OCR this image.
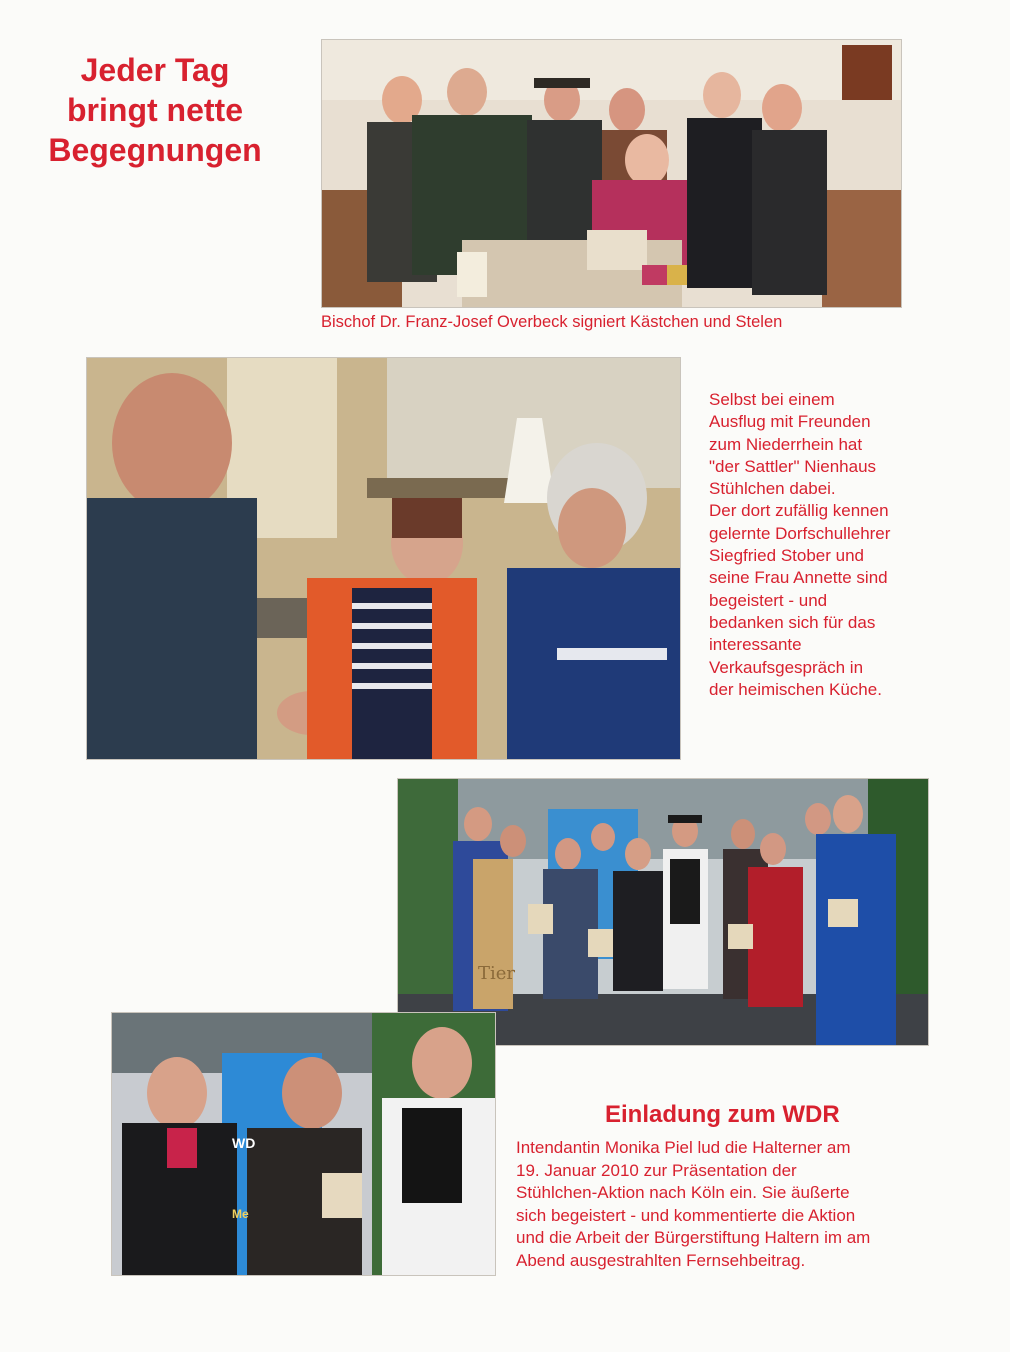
Jeder Tag
bringt nette
Begegnungen
Bischof Dr. Franz-Josef Overbeck signiert Kästchen und Stelen

Selbst bei einem

Ausflug mit Freunden

zum Niederrhein hat

"der Sattler" Nienhaus

Stühlchen dabei.

Der dort zufällig kennen

gelernte Dorfschullehrer

Siegfried Stober und

seine Frau Annette sind

begeistert - und

bedanken sich für das

interessante

Verkaufsgespräch in

der heimischen Küche.

Tier
WD
Me
Einladung zum WDR

Intendantin Monika Piel lud die Halterner am

19. Januar 2010 zur Präsentation der

Stühlchen-Aktion nach Köln ein. Sie äußerte

sich begeistert - und kommentierte die Aktion

und die Arbeit der Bürgerstiftung Haltern im am

Abend ausgestrahlten Fernsehbeitrag.
